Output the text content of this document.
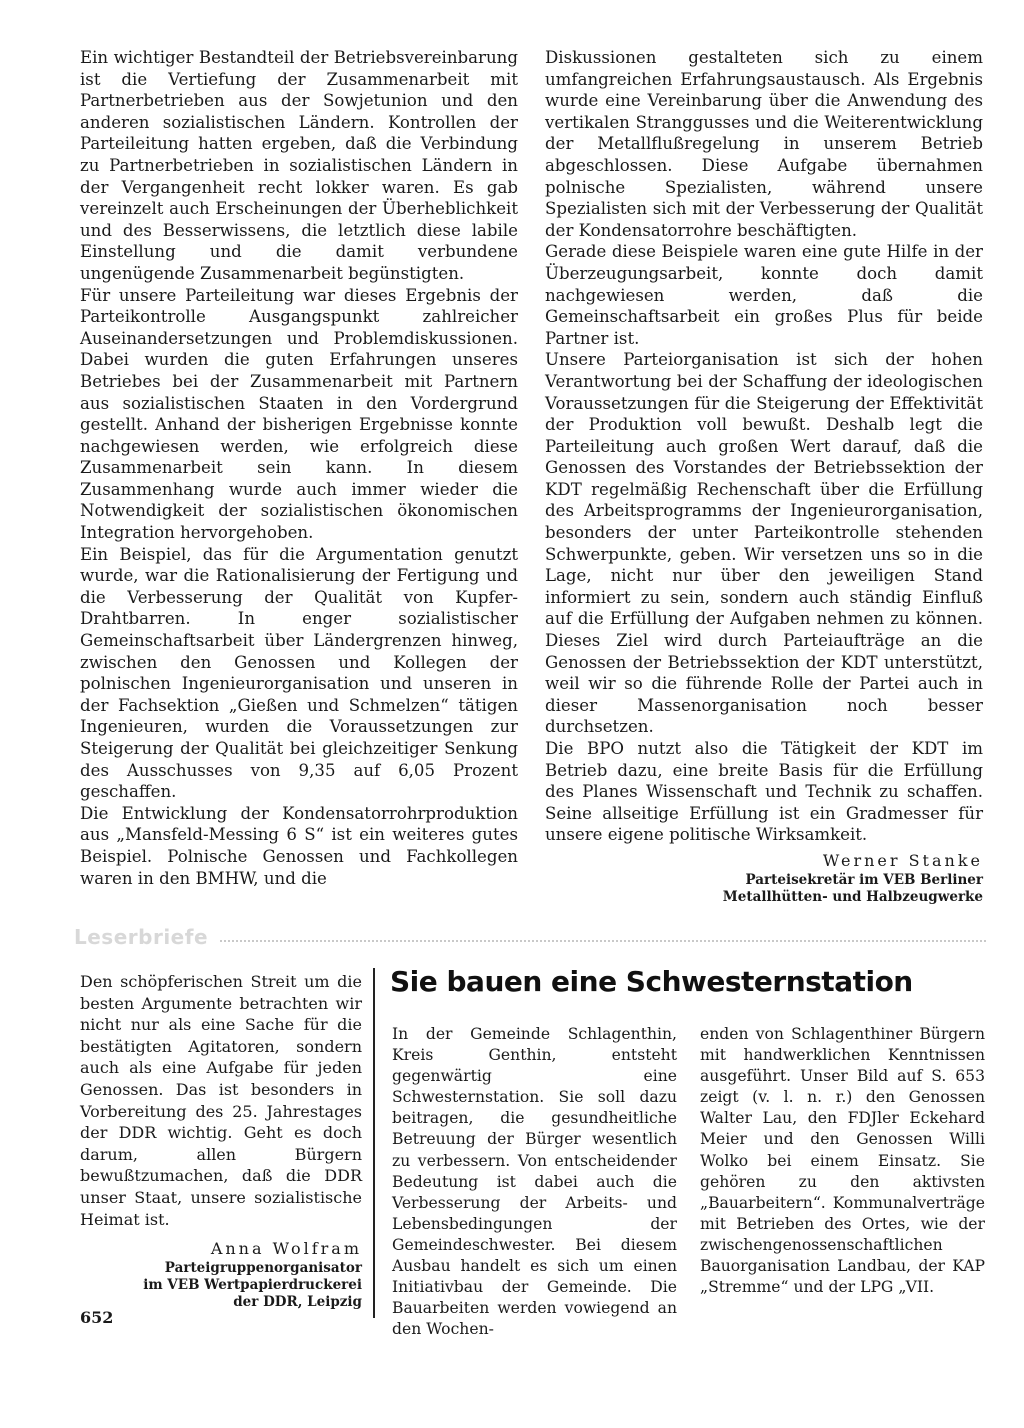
Ein wichtiger Bestandteil der Betriebsvereinbarung ist die Vertiefung der Zusammenarbeit mit Partnerbetrieben aus der Sowjetunion und den anderen sozialistischen Ländern. Kontrollen der Parteileitung hatten ergeben, daß die Verbindung zu Partnerbetrieben in sozialistischen Ländern in der Vergangenheit recht lokker waren. Es gab vereinzelt auch Erscheinungen der Überheblichkeit und des Besserwissens, die letztlich diese labile Einstellung und die damit verbundene ungenügende Zusammenarbeit begünstigten.

Für unsere Parteileitung war dieses Ergebnis der Parteikontrolle Ausgangspunkt zahlreicher Auseinandersetzungen und Problemdiskussionen. Dabei wurden die guten Erfahrungen unseres Betriebes bei der Zusammenarbeit mit Partnern aus sozialistischen Staaten in den Vordergrund gestellt. Anhand der bisherigen Ergebnisse konnte nachgewiesen werden, wie erfolgreich diese Zusammenarbeit sein kann. In diesem Zusammenhang wurde auch immer wieder die Notwendigkeit der sozialistischen ökonomischen Integration hervorgehoben.

Ein Beispiel, das für die Argumentation genutzt wurde, war die Rationalisierung der Fertigung und die Verbesserung der Qualität von Kupfer-Drahtbarren. In enger sozialistischer Gemeinschaftsarbeit über Ländergrenzen hinweg, zwischen den Genossen und Kollegen der polnischen Ingenieurorganisation und unseren in der Fachsektion „Gießen und Schmelzen“ tätigen Ingenieuren, wurden die Voraussetzungen zur Steigerung der Qualität bei gleichzeitiger Senkung des Ausschusses von 9,35 auf 6,05 Prozent geschaffen.

Die Entwicklung der Kondensatorrohrproduktion aus „Mansfeld-Messing 6 S“ ist ein weiteres gutes Beispiel. Polnische Genossen und Fachkollegen waren in den BMHW, und die

Diskussionen gestalteten sich zu einem umfangreichen Erfahrungsaustausch. Als Ergebnis wurde eine Vereinbarung über die Anwendung des vertikalen Stranggusses und die Weiterentwicklung der Metallflußregelung in unserem Betrieb abgeschlossen. Diese Aufgabe übernahmen polnische Spezialisten, während unsere Spezialisten sich mit der Verbesserung der Qualität der Kondensatorrohre beschäftigten.

Gerade diese Beispiele waren eine gute Hilfe in der Überzeugungsarbeit, konnte doch damit nachgewiesen werden, daß die Gemeinschaftsarbeit ein großes Plus für beide Partner ist.

Unsere Parteiorganisation ist sich der hohen Verantwortung bei der Schaffung der ideologischen Voraussetzungen für die Steigerung der Effektivität der Produktion voll bewußt. Deshalb legt die Parteileitung auch großen Wert darauf, daß die Genossen des Vorstandes der Betriebssektion der KDT regelmäßig Rechenschaft über die Erfüllung des Arbeitsprogramms der Ingenieurorganisation, besonders der unter Parteikontrolle stehenden Schwerpunkte, geben. Wir versetzen uns so in die Lage, nicht nur über den jeweiligen Stand informiert zu sein, sondern auch ständig Einfluß auf die Erfüllung der Aufgaben nehmen zu können. Dieses Ziel wird durch Parteiaufträge an die Genossen der Betriebssektion der KDT unterstützt, weil wir so die führende Rolle der Partei auch in dieser Massenorganisation noch besser durchsetzen.

Die BPO nutzt also die Tätigkeit der KDT im Betrieb dazu, eine breite Basis für die Erfüllung des Planes Wissenschaft und Technik zu schaffen. Seine allseitige Erfüllung ist ein Gradmesser für unsere eigene politische Wirksamkeit.

Werner Stanke
Parteisekretär im VEB Berliner
Metallhütten- und Halbzeugwerke
Leserbriefe

Den schöpferischen Streit um die besten Argumente betrachten wir nicht nur als eine Sache für die bestätigten Agitatoren, sondern auch als eine Aufgabe für jeden Genossen. Das ist besonders in Vorbereitung des 25. Jahrestages der DDR wichtig. Geht es doch darum, allen Bürgern bewußtzumachen, daß die DDR unser Staat, unsere sozialistische Heimat ist.

Anna Wolfram
Parteigruppenorganisator
im VEB Wertpapierdruckerei
der DDR, Leipzig
Sie bauen eine Schwesternstation

In der Gemeinde Schlagenthin, Kreis Genthin, entsteht gegenwärtig eine Schwesternstation. Sie soll dazu beitragen, die gesundheitliche Betreuung der Bürger wesentlich zu verbessern. Von entscheidender Bedeutung ist dabei auch die Verbesserung der Arbeits- und Lebensbedingungen der Gemeindeschwester. Bei diesem Ausbau handelt es sich um einen Initiativbau der Gemeinde. Die Bauarbeiten werden vowiegend an den Wochen-

enden von Schlagenthiner Bürgern mit handwerklichen Kenntnissen ausgeführt. Unser Bild auf S. 653 zeigt (v. l. n. r.) den Genossen Walter Lau, den FDJler Eckehard Meier und den Genossen Willi Wolko bei einem Einsatz. Sie gehören zu den aktivsten „Bauarbeitern“. Kommunalverträge mit Betrieben des Ortes, wie der zwischengenossenschaftlichen Bauorganisation Landbau, der KAP „Stremme“ und der LPG „VII.

652
